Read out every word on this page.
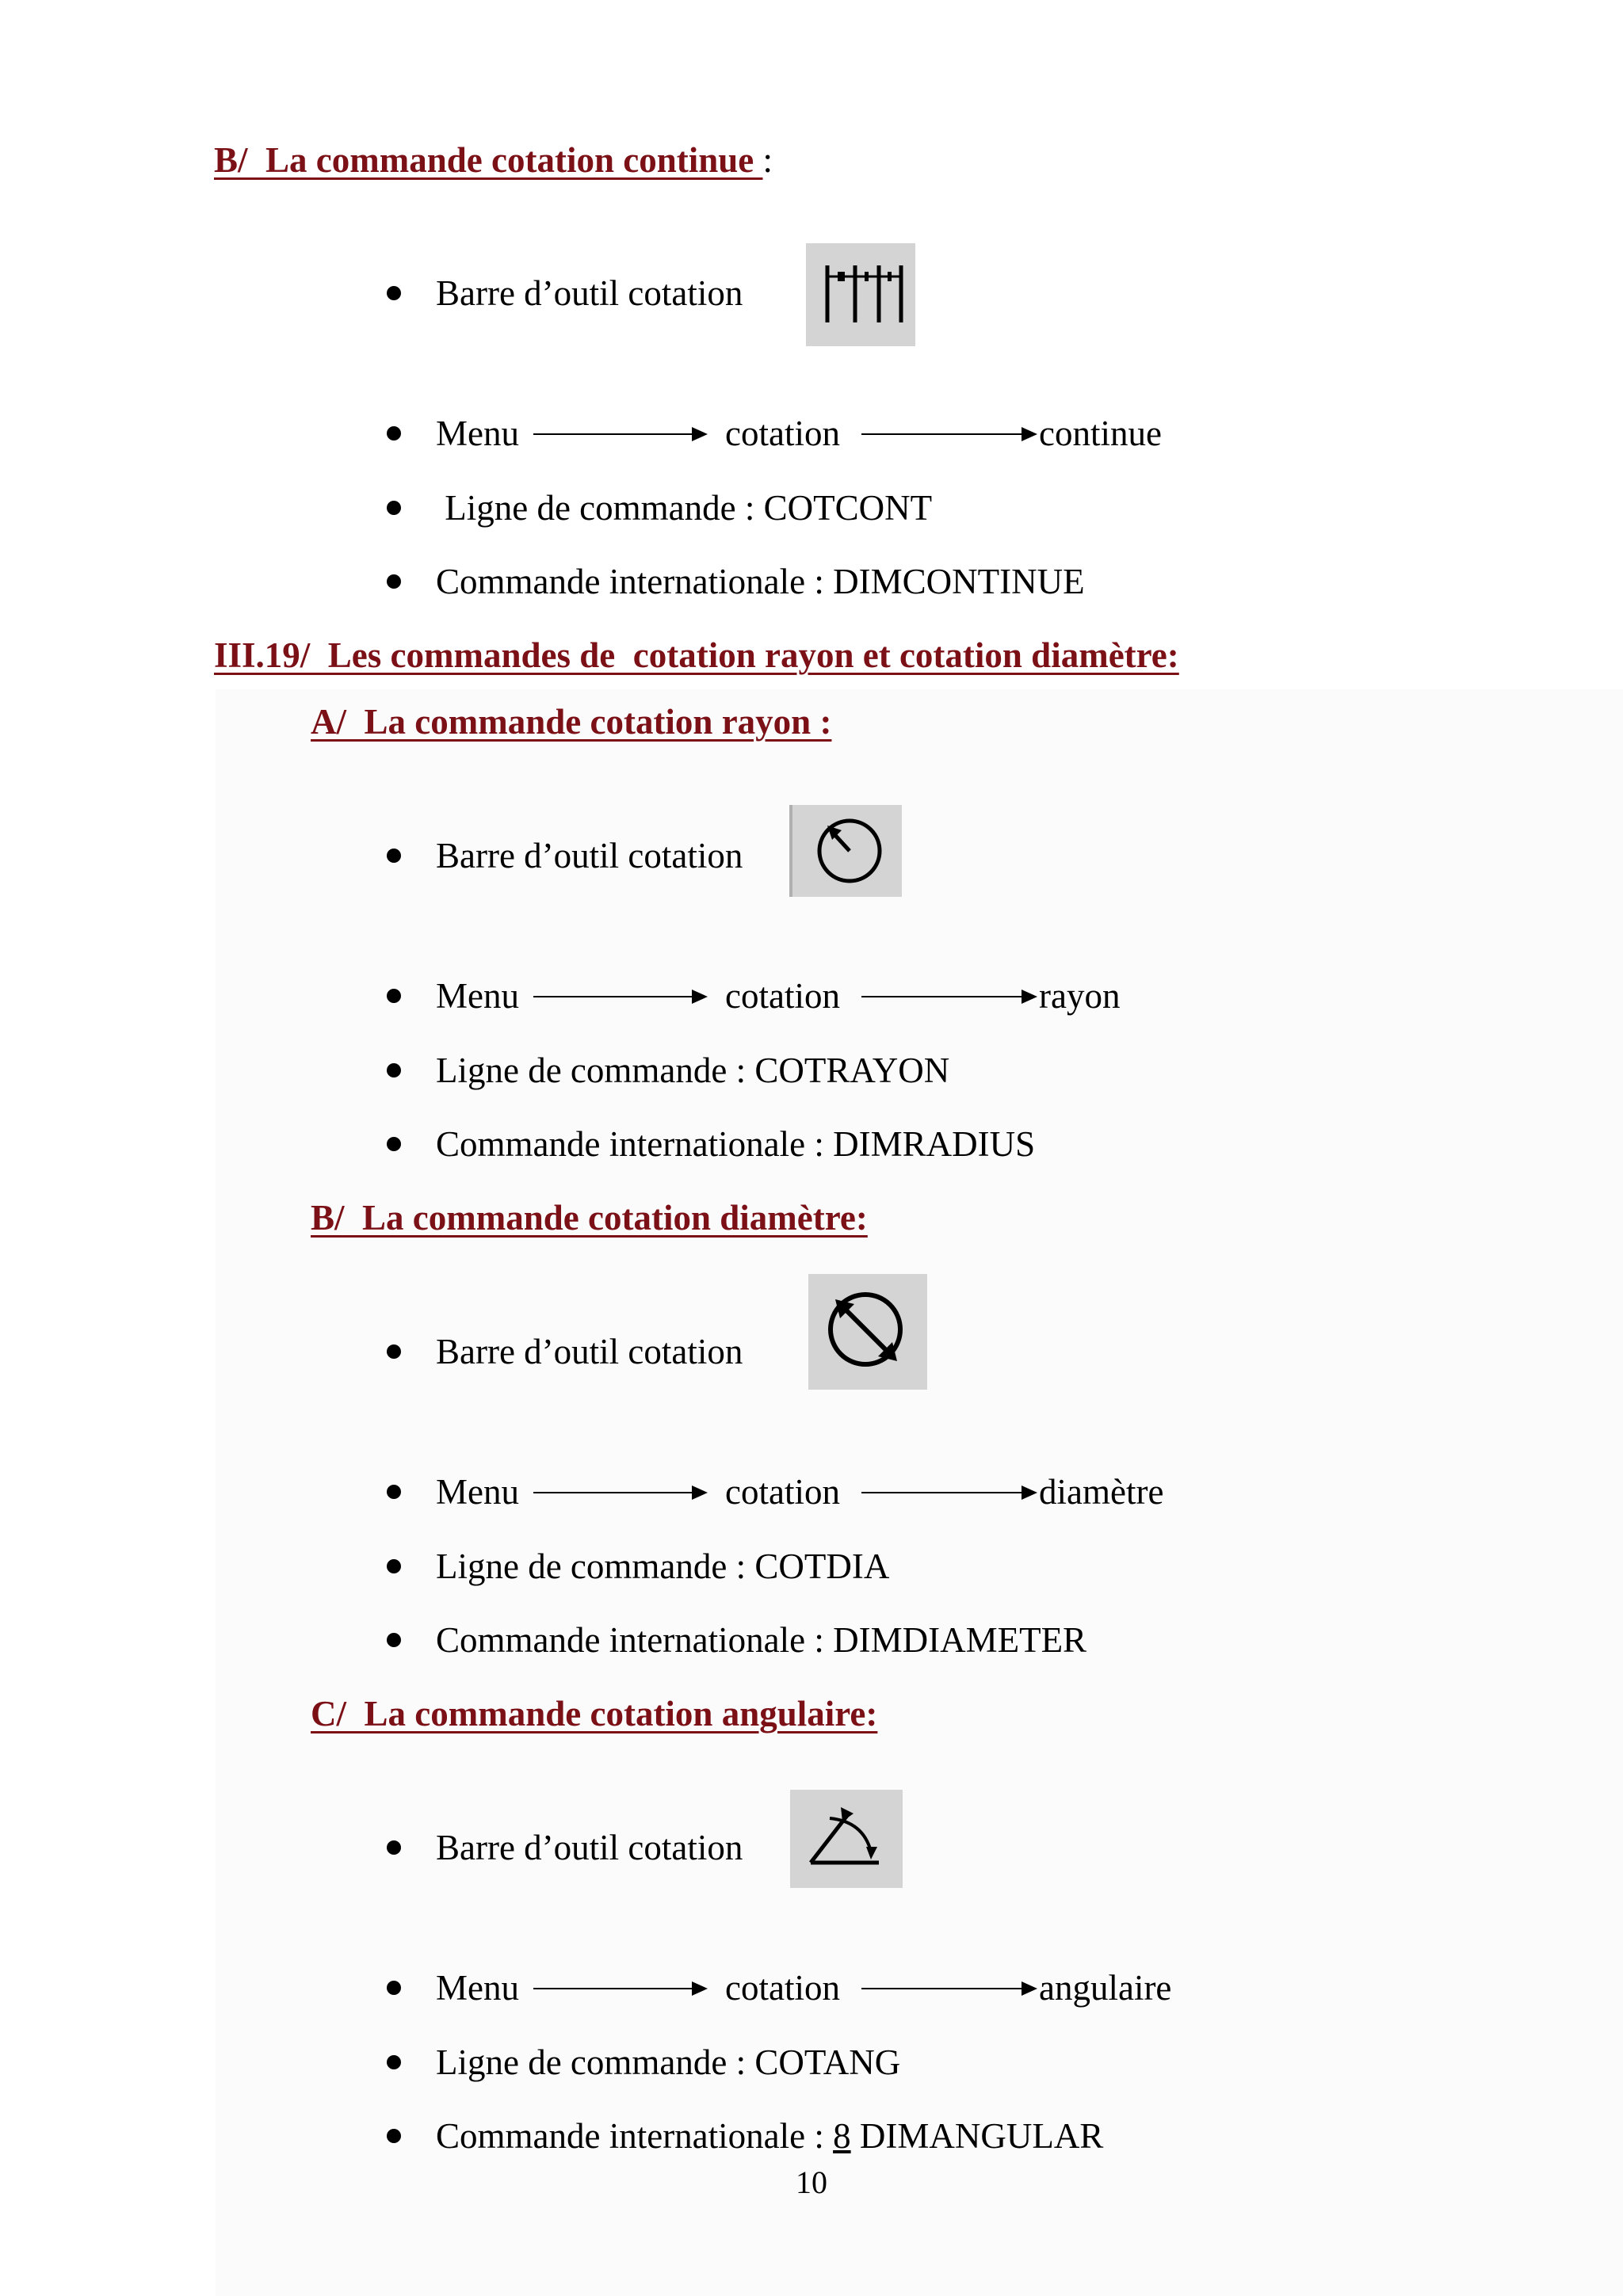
B/  La commande cotation continue :
Barre d’outil cotation
Menu	cotation	continue
Ligne de commande : COTCONT
Commande internationale : DIMCONTINUE
III.19/  Les commandes de  cotation rayon et cotation diamètre:
A/  La commande cotation rayon :
Barre d’outil cotation
Menu	cotation	rayon
Ligne de commande : COTRAYON
Commande internationale : DIMRADIUS
B/  La commande cotation diamètre:
Barre d’outil cotation
Menu	cotation	diamètre
Ligne de commande : COTDIA
Commande internationale : DIMDIAMETER
C/  La commande cotation angulaire:
Barre d’outil cotation
Menu	cotation	angulaire
Ligne de commande : COTANG
Commande internationale : 8 DIMANGULAR
10
